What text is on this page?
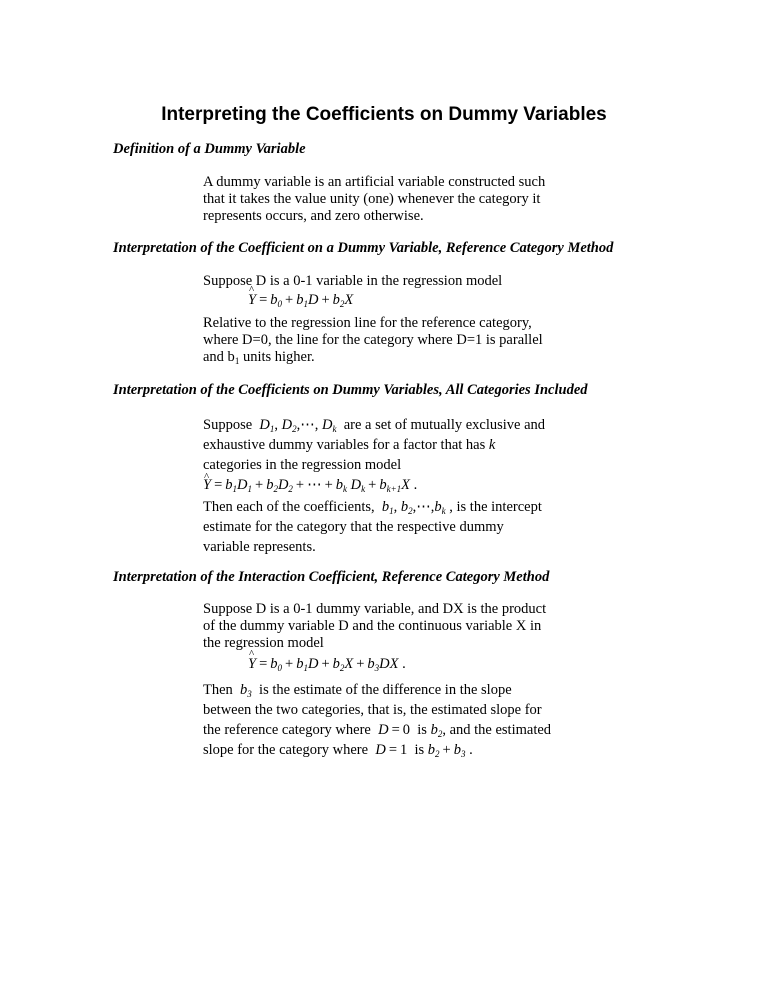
Interpreting the Coefficients on Dummy Variables
Definition of a Dummy Variable
A dummy variable is an artificial variable constructed such
that it takes the value unity (one) whenever the category it
represents occurs, and zero otherwise.
Interpretation of the Coefficient on a Dummy Variable, Reference Category Method
Suppose D is a 0-1 variable in the regression model
^ $Y = b_0 + b_1D + b_2X$
Relative to the regression line for the reference category,
where D=0, the line for the category where D=1 is parallel
and $b_1$ units higher.
Interpretation of the Coefficients on Dummy Variables, All Categories Included
Suppose  $D_1$, $D_2,\cdots$, $D_k$ are a set of mutually exclusive and
exhaustive dummy variables for a factor that has k
categories in the regression model
^ $Y = b_1D_1 + b_2D_2$ + ⋯ + $b_k$ $D_k + b_{k+1}X$ .
Then each of the coefficients,  $b_1$, $b_2,\cdots,b_k$ , is the intercept
estimate for the category that the respective dummy
variable represents.
Interpretation of the Interaction Coefficient, Reference Category Method
Suppose D is a 0-1 dummy variable, and DX is the product
of the dummy variable D and the continuous variable X in
the regression model
^ $Y = b_0 + b_1D + b_2X + b_3DX$ .
Then  $b_3$ is the estimate of the difference in the slope
between the two categories, that is, the estimated slope for
the reference category where  D = 0  is $b_2$, and the estimated
slope for the category where  D = 1  is $b_2 + b_3$ .
